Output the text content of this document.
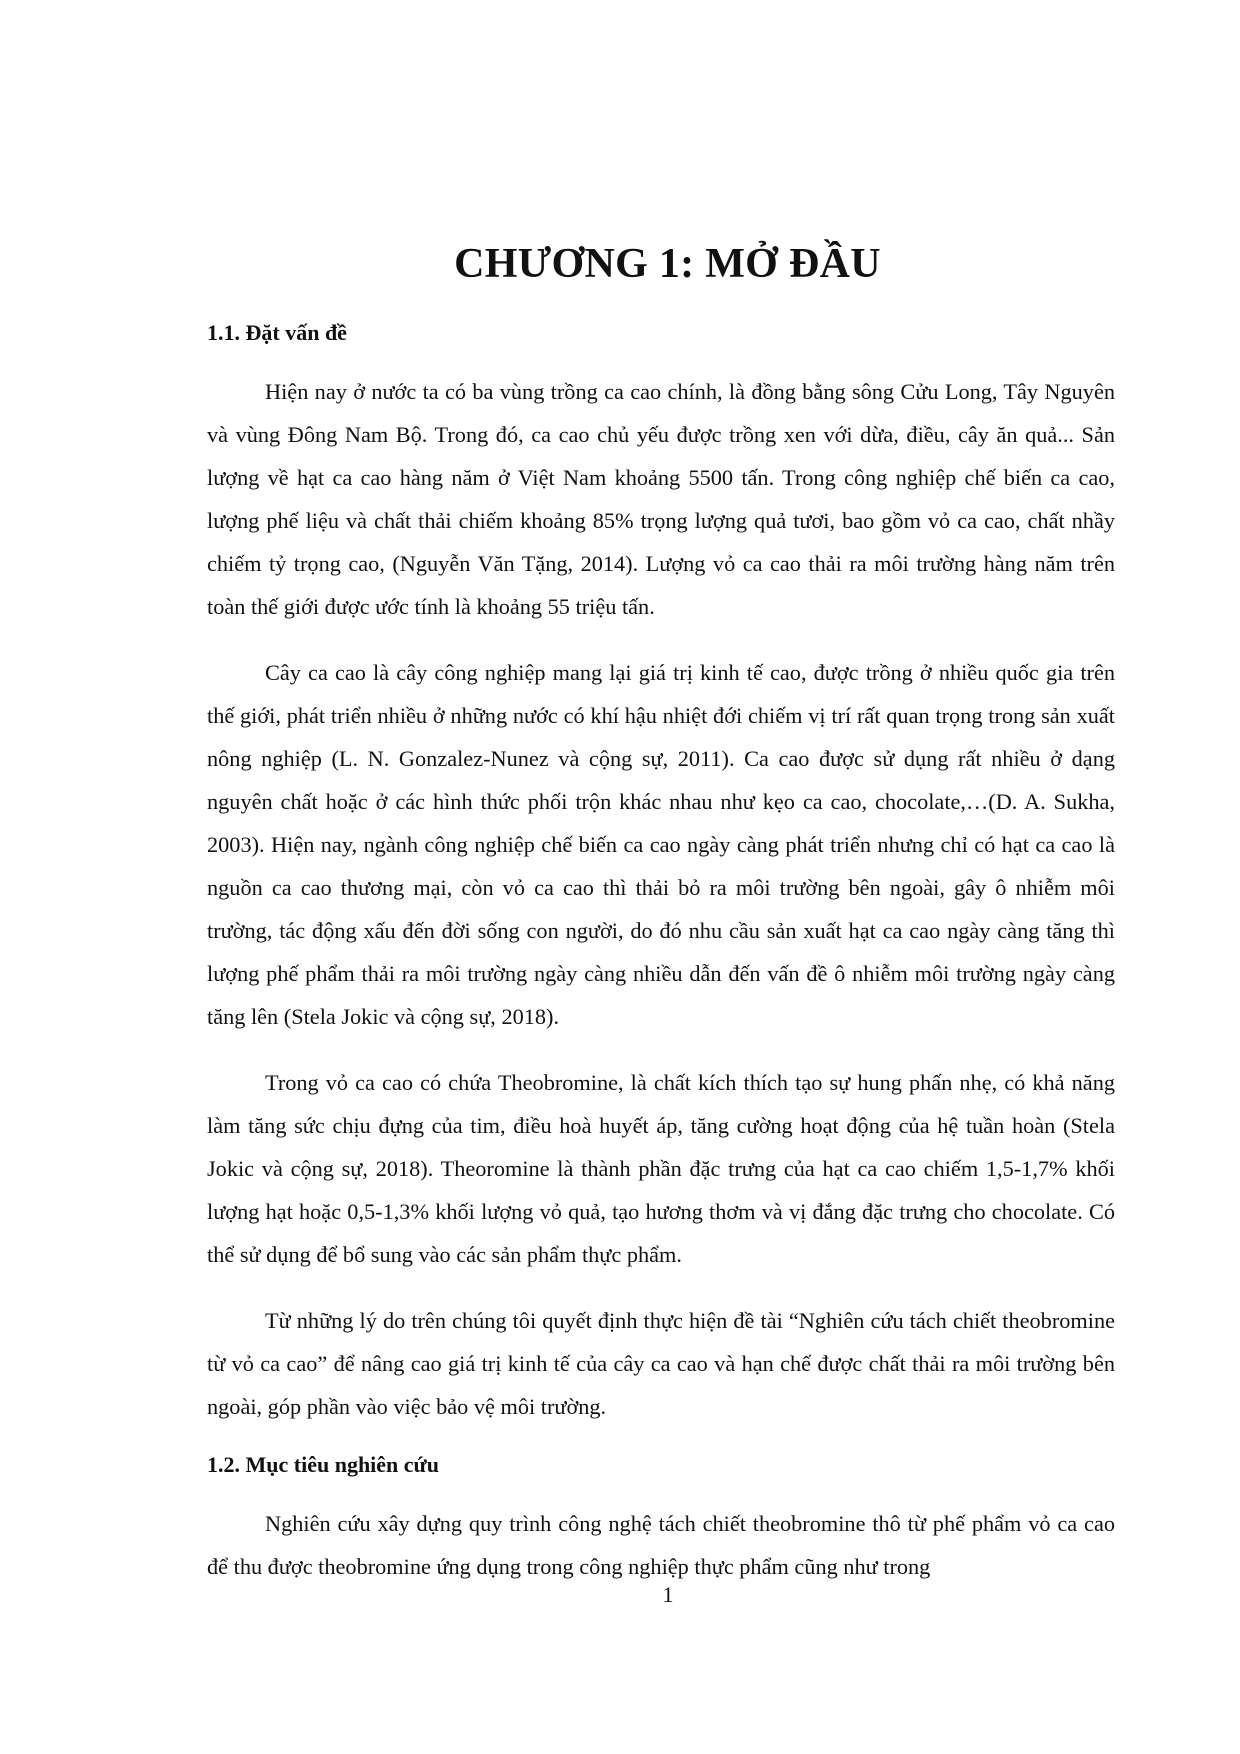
CHƯƠNG 1: MỞ ĐẦU
1.1. Đặt vấn đề

Hiện nay ở nước ta có ba vùng trồng ca cao chính, là đồng bằng sông Cửu Long, Tây Nguyên và vùng Đông Nam Bộ. Trong đó, ca cao chủ yếu được trồng xen với dừa, điều, cây ăn quả... Sản lượng về hạt ca cao hàng năm ở Việt Nam khoảng 5500 tấn. Trong công nghiệp chế biến ca cao, lượng phế liệu và chất thải chiếm khoảng 85% trọng lượng quả tươi, bao gồm vỏ ca cao, chất nhầy chiếm tỷ trọng cao, (Nguyễn Văn Tặng, 2014). Lượng vỏ ca cao thải ra môi trường hàng năm trên toàn thế giới được ước tính là khoảng 55 triệu tấn.

Cây ca cao là cây công nghiệp mang lại giá trị kinh tế cao, được trồng ở nhiều quốc gia trên thế giới, phát triển nhiều ở những nước có khí hậu nhiệt đới chiếm vị trí rất quan trọng trong sản xuất nông nghiệp (L. N. Gonzalez-Nunez và cộng sự, 2011). Ca cao được sử dụng rất nhiều ở dạng nguyên chất hoặc ở các hình thức phối trộn khác nhau như kẹo ca cao, chocolate,…(D. A. Sukha, 2003). Hiện nay, ngành công nghiệp chế biến ca cao ngày càng phát triển nhưng chỉ có hạt ca cao là nguồn ca cao thương mại, còn vỏ ca cao thì thải bỏ ra môi trường bên ngoài, gây ô nhiễm môi trường, tác động xấu đến đời sống con người, do đó nhu cầu sản xuất hạt ca cao ngày càng tăng thì lượng phế phẩm thải ra môi trường ngày càng nhiều dẫn đến vấn đề ô nhiễm môi trường ngày càng tăng lên (Stela Jokic và cộng sự, 2018).

Trong vỏ ca cao có chứa Theobromine, là chất kích thích tạo sự hung phấn nhẹ, có khả năng làm tăng sức chịu đựng của tim, điều hoà huyết áp, tăng cường hoạt động của hệ tuần hoàn (Stela Jokic và cộng sự, 2018). Theoromine là thành phần đặc trưng của hạt ca cao chiếm 1,5-1,7% khối lượng hạt hoặc 0,5-1,3% khối lượng vỏ quả, tạo hương thơm và vị đắng đặc trưng cho chocolate. Có thể sử dụng để bổ sung vào các sản phẩm thực phẩm.

Từ những lý do trên chúng tôi quyết định thực hiện đề tài “Nghiên cứu tách chiết theobromine từ vỏ ca cao” để nâng cao giá trị kinh tế của cây ca cao và hạn chế được chất thải ra môi trường bên ngoài, góp phần vào việc bảo vệ môi trường.

1.2. Mục tiêu nghiên cứu

Nghiên cứu xây dựng quy trình công nghệ tách chiết theobromine thô từ phế phẩm vỏ ca cao để thu được theobromine ứng dụng trong công nghiệp thực phẩm cũng như trong

1
